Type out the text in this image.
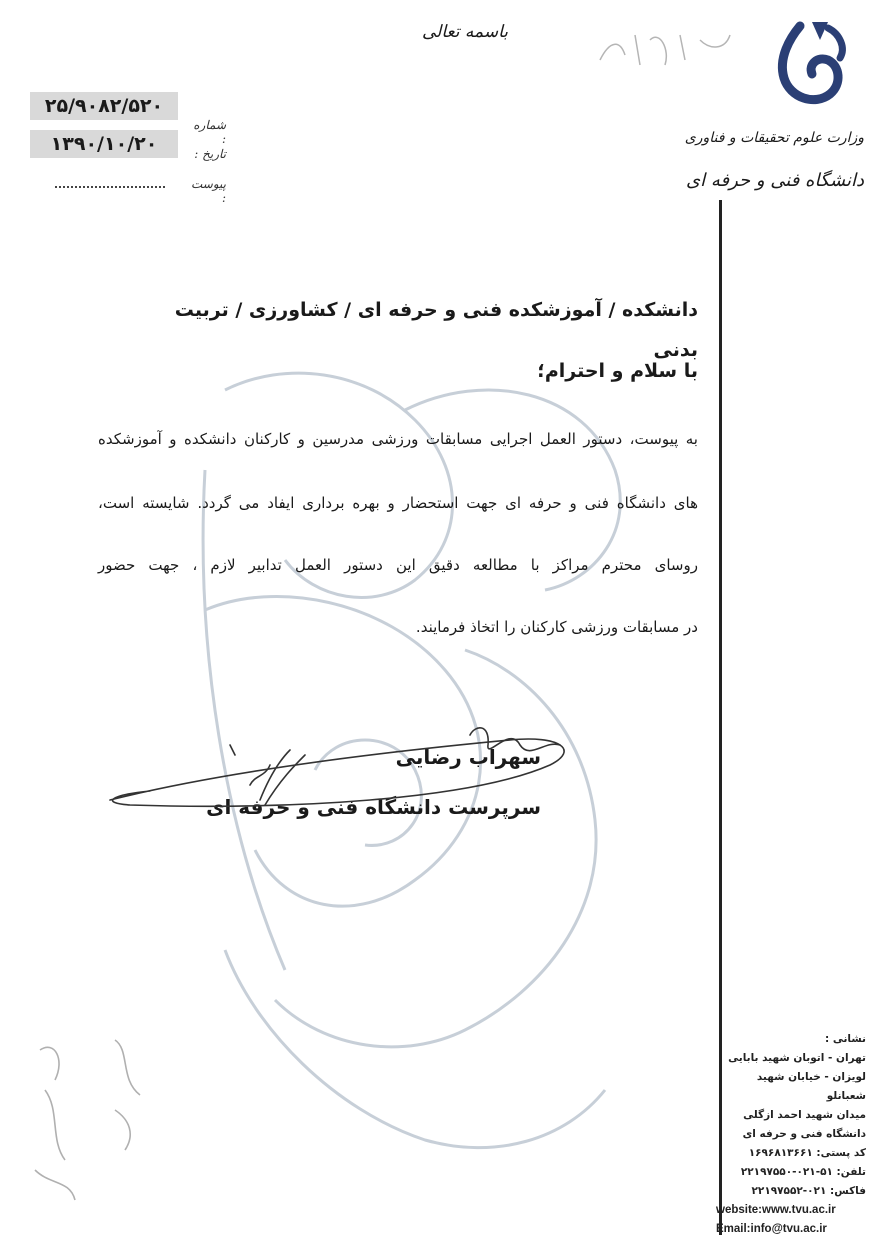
باسمه تعالی
وزارت علوم تحقیقات و فناوری
دانشگاه فنی و حرفه ای
۲۵/۹۰۸۲/۵۲۰
شماره :
۱۳۹۰/۱۰/۲۰	تاریخ :
پیوست :
دانشکده / آموزشکده فنی و حرفه ای / کشاورزی / تربیت بدنی
با سلام و احترام؛
به پیوست، دستور العمل اجرایی مسابقات ورزشی مدرسین و کارکنان دانشکده و آموزشکده
های دانشگاه فنی و حرفه ای جهت استحضار و بهره برداری ایفاد می گردد. شایسته است،
روسای محترم مراکز با مطالعه دقیق این دستور العمل تدابیر لازم ، جهت حضور
در مسابقات ورزشی کارکنان را اتخاذ فرمایند.
سهراب رضایی
سرپرست دانشگاه فنی و حرفه ای
نشانی :
تهران - اتوبان شهید بابایی
لویزان - خیابان شهید شعبانلو
میدان شهید احمد ازگلی
دانشگاه فنی و حرفه ای
کد پستی: ۱۶۹۶۸۱۳۶۶۱
تلفن: ۵۱-۰۲۱-۲۲۱۹۷۵۵۰
فاکس: ۰۲۱-۲۲۱۹۷۵۵۲
website:www.tvu.ac.ir
Email:info@tvu.ac.ir
